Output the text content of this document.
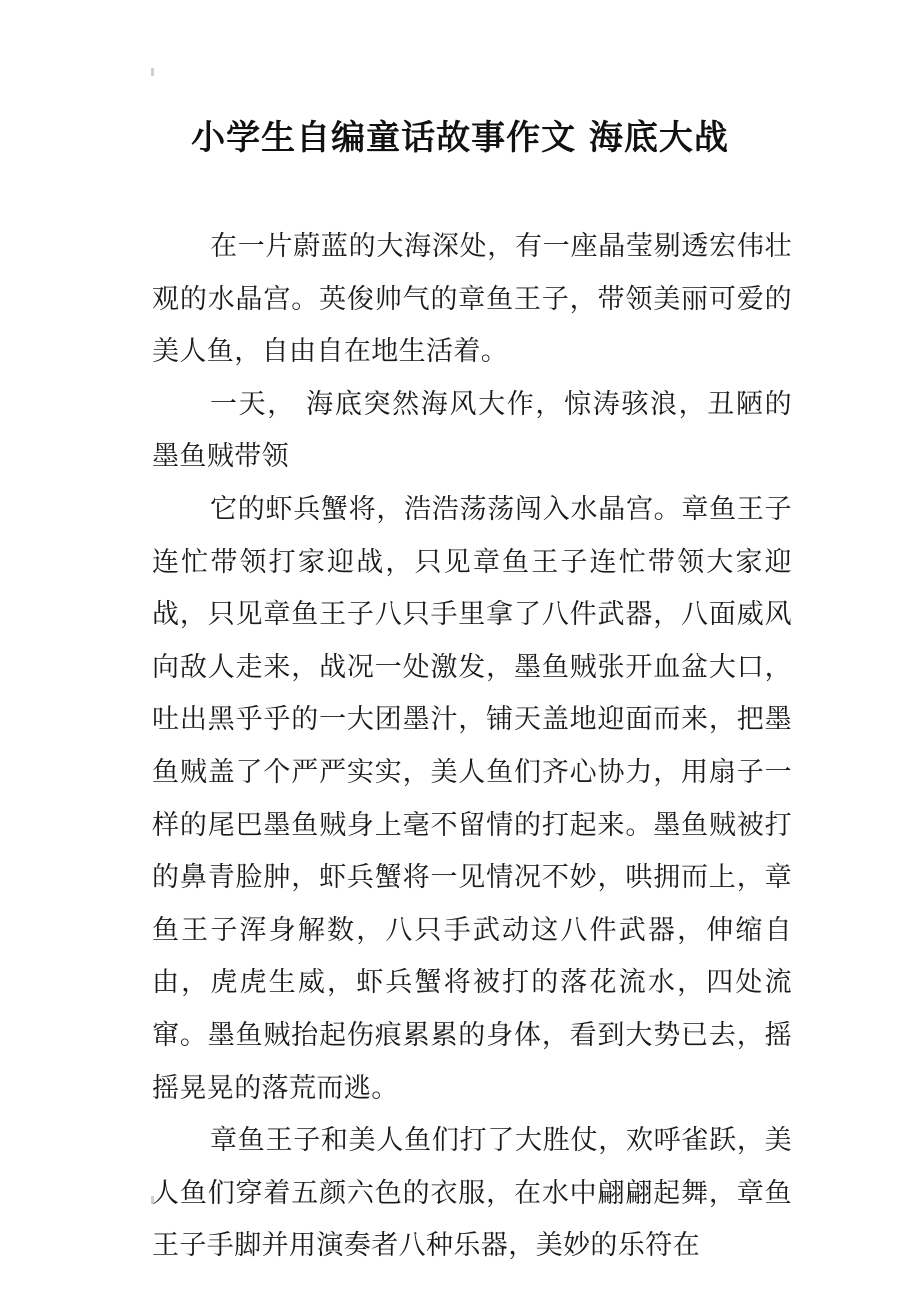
小学生自编童话故事作文 海底大战

在一片蔚蓝的大海深处，有一座晶莹剔透宏伟壮观的水晶宫。英俊帅气的章鱼王子，带领美丽可爱的美人鱼，自由自在地生活着。

一天， 海底突然海风大作，惊涛骇浪，丑陋的墨鱼贼带领

它的虾兵蟹将，浩浩荡荡闯入水晶宫。章鱼王子连忙带领打家迎战，只见章鱼王子连忙带领大家迎战，只见章鱼王子八只手里拿了八件武器，八面威风向敌人走来，战况一处激发，墨鱼贼张开血盆大口，吐出黑乎乎的一大团墨汁，铺天盖地迎面而来，把墨鱼贼盖了个严严实实，美人鱼们齐心协力，用扇子一样的尾巴墨鱼贼身上毫不留情的打起来。墨鱼贼被打的鼻青脸肿，虾兵蟹将一见情况不妙，哄拥而上，章鱼王子浑身解数，八只手武动这八件武器，伸缩自由，虎虎生威，虾兵蟹将被打的落花流水，四处流窜。墨鱼贼抬起伤痕累累的身体，看到大势已去，摇摇晃晃的落荒而逃。

章鱼王子和美人鱼们打了大胜仗，欢呼雀跃，美人鱼们穿着五颜六色的衣服，在水中翩翩起舞，章鱼王子手脚并用演奏者八种乐器，美妙的乐符在
